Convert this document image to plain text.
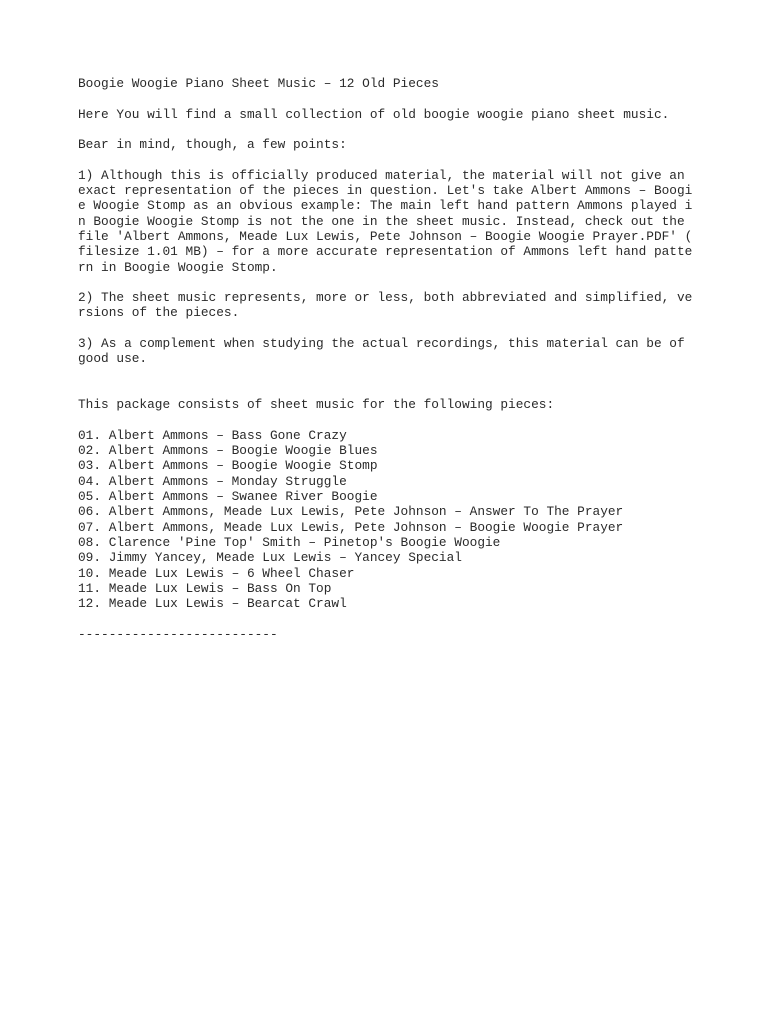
Boogie Woogie Piano Sheet Music – 12 Old Pieces
Here You will find a small collection of old boogie woogie piano sheet music.
Bear in mind, though, a few points:
1) Although this is officially produced material, the material will not give an
exact representation of the pieces in question. Let's take Albert Ammons – Boogi
e Woogie Stomp as an obvious example: The main left hand pattern Ammons played i
n Boogie Woogie Stomp is not the one in the sheet music. Instead, check out the
file 'Albert Ammons, Meade Lux Lewis, Pete Johnson – Boogie Woogie Prayer.PDF' (
filesize 1.01 MB) – for a more accurate representation of Ammons left hand patte
rn in Boogie Woogie Stomp.
2) The sheet music represents, more or less, both abbreviated and simplified, ve
rsions of the pieces.
3) As a complement when studying the actual recordings, this material can be of
good use.
This package consists of sheet music for the following pieces:
01. Albert Ammons – Bass Gone Crazy
02. Albert Ammons – Boogie Woogie Blues
03. Albert Ammons – Boogie Woogie Stomp
04. Albert Ammons – Monday Struggle
05. Albert Ammons – Swanee River Boogie
06. Albert Ammons, Meade Lux Lewis, Pete Johnson – Answer To The Prayer
07. Albert Ammons, Meade Lux Lewis, Pete Johnson – Boogie Woogie Prayer
08. Clarence 'Pine Top' Smith – Pinetop's Boogie Woogie
09. Jimmy Yancey, Meade Lux Lewis – Yancey Special
10. Meade Lux Lewis – 6 Wheel Chaser
11. Meade Lux Lewis – Bass On Top
12. Meade Lux Lewis – Bearcat Crawl
--------------------------
